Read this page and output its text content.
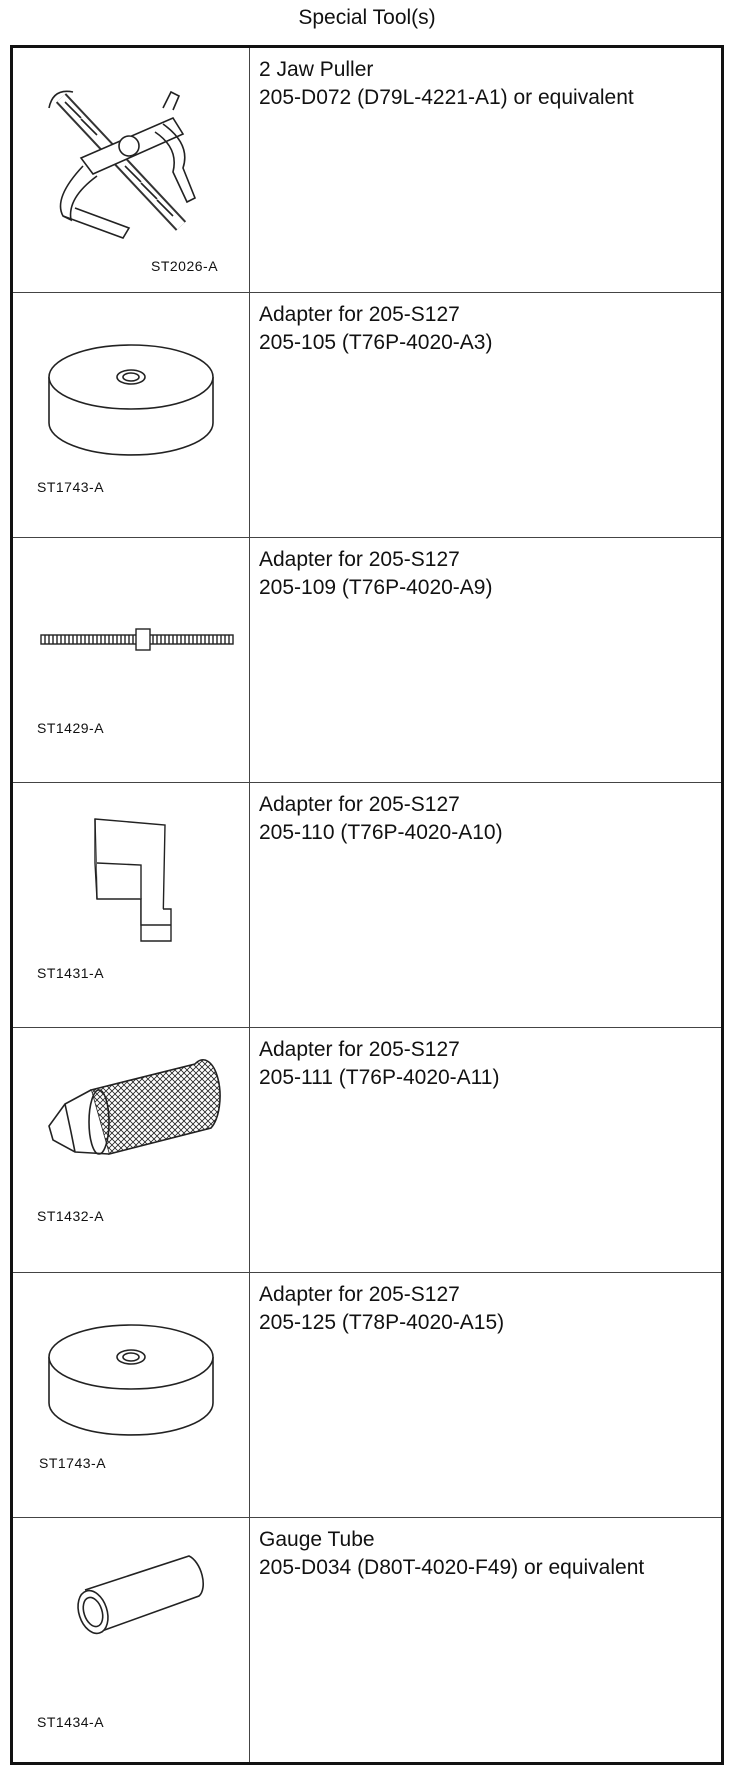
Special Tool(s)
ST2026-A	2 Jaw Puller
205-D072 (D79L-4221-A1) or equivalent

ST1743-A	Adapter for 205-S127
205-105 (T76P-4020-A3)

ST1429-A	Adapter for 205-S127
205-109 (T76P-4020-A9)

ST1431-A	Adapter for 205-S127
205-110 (T76P-4020-A10)

ST1432-A	Adapter for 205-S127
205-111 (T76P-4020-A11)

ST1743-A	Adapter for 205-S127
205-125 (T78P-4020-A15)

ST1434-A	Gauge Tube
205-D034 (D80T-4020-F49) or equivalent
